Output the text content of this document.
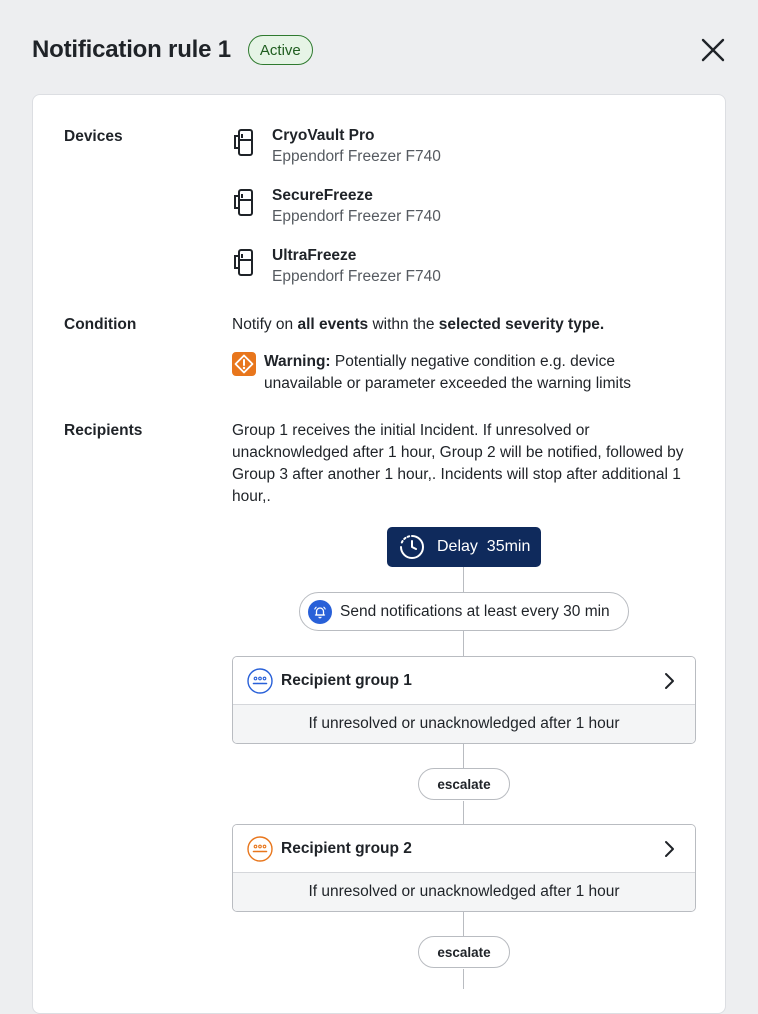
Notification rule 1	Active
Devices	CryoVault Pro
Eppendorf Freezer F740
SecureFreeze
Eppendorf Freezer F740
UltraFreeze
Eppendorf Freezer F740
Condition	Notify on all events withn the selected severity type.
Warning: Potentially negative condition e.g. device unavailable or parameter exceeded the warning limits
Recipients	Group 1 receives the initial Incident. If unresolved or unacknowledged after 1 hour, Group 2 will be notified, followed by Group 3 after another 1 hour,. Incidents will stop after additional 1 hour,.
Delay 35min
Send notifications at least every 30 min
Recipient group 1
If unresolved or unacknowledged after 1 hour
escalate
Recipient group 2
If unresolved or unacknowledged after 1 hour
escalate
